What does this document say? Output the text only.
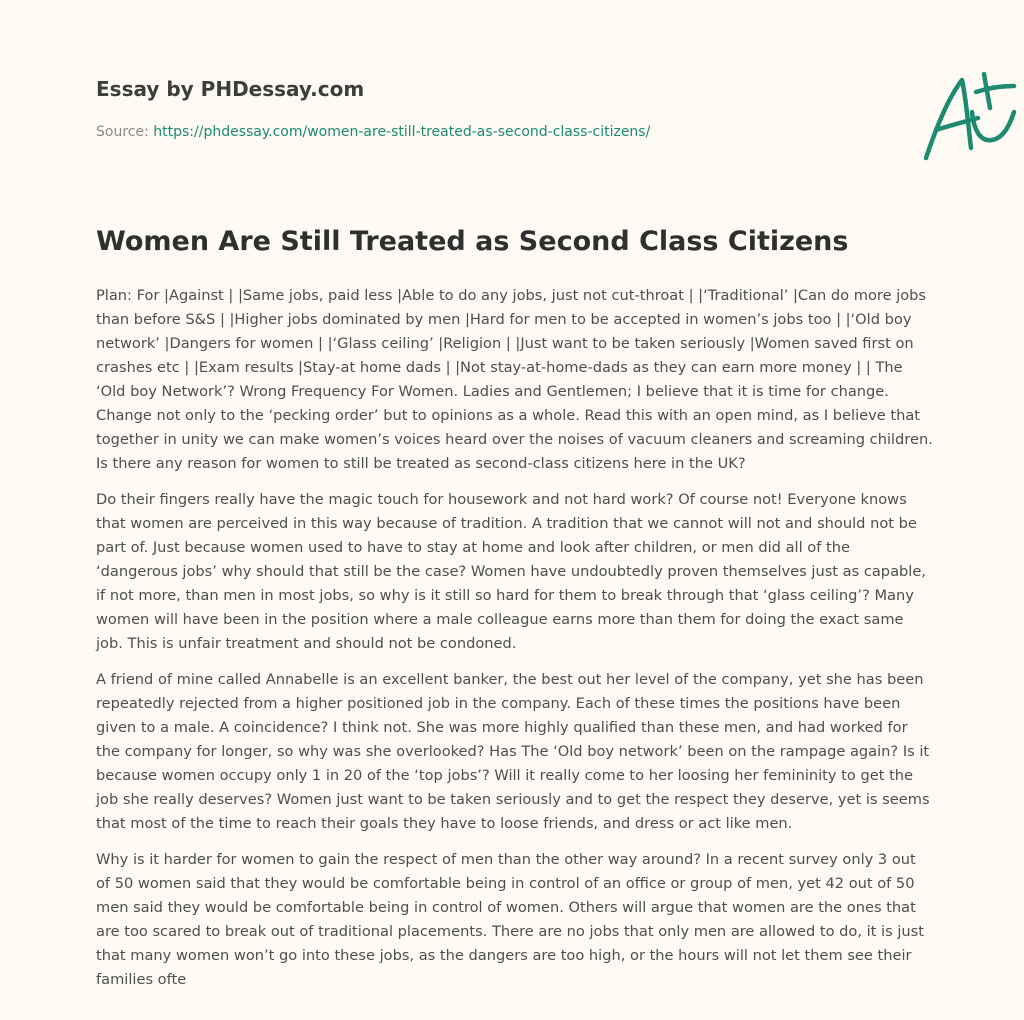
Essay by PHDessay.com
Source: https://phdessay.com/women-are-still-treated-as-second-class-citizens/
Women Are Still Treated as Second Class Citizens

Plan: For |Against | |Same jobs, paid less |Able to do any jobs, just not cut-throat | |‘Traditional’ |Can do more jobs than before S&S | |Higher jobs dominated by men |Hard for men to be accepted in women’s jobs too | |‘Old boy network’ |Dangers for women | |‘Glass ceiling’ |Religion | |Just want to be taken seriously |Women saved first on crashes etc | |Exam results |Stay-at home dads | |Not stay-at-home-dads as they can earn more money | | The ‘Old boy Network’? Wrong Frequency For Women. Ladies and Gentlemen; I believe that it is time for change. Change not only to the ‘pecking order’ but to opinions as a whole. Read this with an open mind, as I believe that together in unity we can make women’s voices heard over the noises of vacuum cleaners and screaming children. Is there any reason for women to still be treated as second-class citizens here in the UK?

Do their fingers really have the magic touch for housework and not hard work? Of course not! Everyone knows that women are perceived in this way because of tradition. A tradition that we cannot will not and should not be part of. Just because women used to have to stay at home and look after children, or men did all of the ‘dangerous jobs’ why should that still be the case? Women have undoubtedly proven themselves just as capable, if not more, than men in most jobs, so why is it still so hard for them to break through that ‘glass ceiling’? Many women will have been in the position where a male colleague earns more than them for doing the exact same job. This is unfair treatment and should not be condoned.

A friend of mine called Annabelle is an excellent banker, the best out her level of the company, yet she has been repeatedly rejected from a higher positioned job in the company. Each of these times the positions have been given to a male. A coincidence? I think not. She was more highly qualified than these men, and had worked for the company for longer, so why was she overlooked? Has The ‘Old boy network’ been on the rampage again? Is it because women occupy only 1 in 20 of the ‘top jobs’? Will it really come to her loosing her femininity to get the job she really deserves? Women just want to be taken seriously and to get the respect they deserve, yet is seems that most of the time to reach their goals they have to loose friends, and dress or act like men.

Why is it harder for women to gain the respect of men than the other way around? In a recent survey only 3 out of 50 women said that they would be comfortable being in control of an office or group of men, yet 42 out of 50 men said they would be comfortable being in control of women. Others will argue that women are the ones that are too scared to break out of traditional placements. There are no jobs that only men are allowed to do, it is just that many women won’t go into these jobs, as the dangers are too high, or the hours will not let them see their families ofte
